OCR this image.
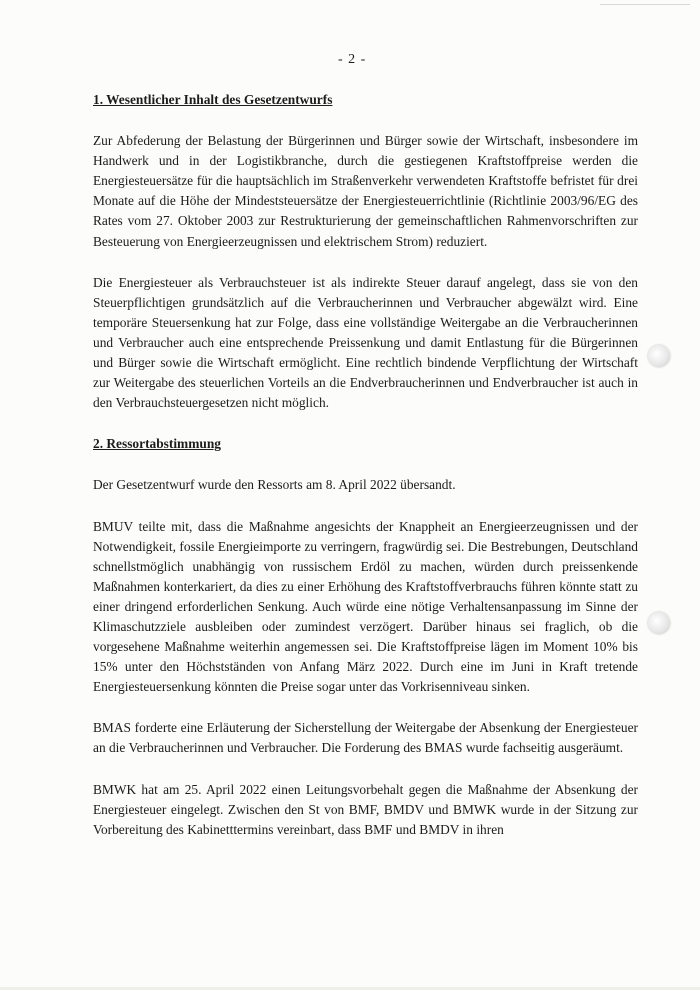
- 2 -
1. Wesentlicher Inhalt des Gesetzentwurfs

Zur Abfederung der Belastung der Bürgerinnen und Bürger sowie der Wirtschaft, insbesondere im Handwerk und in der Logistikbranche, durch die gestiegenen Kraftstoffpreise werden die Energiesteuersätze für die hauptsächlich im Straßenverkehr verwendeten Kraftstoffe befristet für drei Monate auf die Höhe der Mindeststeuersätze der Energiesteuerrichtlinie (Richtlinie 2003/96/EG des Rates vom 27. Oktober 2003 zur Restrukturierung der gemeinschaftlichen Rahmenvorschriften zur Besteuerung von Energieerzeugnissen und elektrischem Strom) reduziert.

Die Energiesteuer als Verbrauchsteuer ist als indirekte Steuer darauf angelegt, dass sie von den Steuerpflichtigen grundsätzlich auf die Verbraucherinnen und Verbraucher abgewälzt wird. Eine temporäre Steuersenkung hat zur Folge, dass eine vollständige Weitergabe an die Verbraucherinnen und Verbraucher auch eine entsprechende Preissenkung und damit Entlastung für die Bürgerinnen und Bürger sowie die Wirtschaft ermöglicht. Eine rechtlich bindende Verpflichtung der Wirtschaft zur Weitergabe des steuerlichen Vorteils an die Endverbraucherinnen und Endverbraucher ist auch in den Verbrauchsteuergesetzen nicht möglich.

2. Ressortabstimmung

Der Gesetzentwurf wurde den Ressorts am 8. April 2022 übersandt.

BMUV teilte mit, dass die Maßnahme angesichts der Knappheit an Energieerzeugnissen und der Notwendigkeit, fossile Energieimporte zu verringern, fragwürdig sei. Die Bestrebungen, Deutschland schnellstmöglich unabhängig von russischem Erdöl zu machen, würden durch preissenkende Maßnahmen konterkariert, da dies zu einer Erhöhung des Kraftstoffverbrauchs führen könnte statt zu einer dringend erforderlichen Senkung. Auch würde eine nötige Verhaltensanpassung im Sinne der Klimaschutzziele ausbleiben oder zumindest verzögert. Darüber hinaus sei fraglich, ob die vorgesehene Maßnahme weiterhin angemessen sei. Die Kraftstoffpreise lägen im Moment 10% bis 15% unter den Höchstständen von Anfang März 2022. Durch eine im Juni in Kraft tretende Energiesteuersenkung könnten die Preise sogar unter das Vorkrisenniveau sinken.

BMAS forderte eine Erläuterung der Sicherstellung der Weitergabe der Absenkung der Energiesteuer an die Verbraucherinnen und Verbraucher. Die Forderung des BMAS wurde fachseitig ausgeräumt.

BMWK hat am 25. April 2022 einen Leitungsvorbehalt gegen die Maßnahme der Absenkung der Energiesteuer eingelegt. Zwischen den St von BMF, BMDV und BMWK wurde in der Sitzung zur Vorbereitung des Kabinetttermins vereinbart, dass BMF und BMDV in ihren
